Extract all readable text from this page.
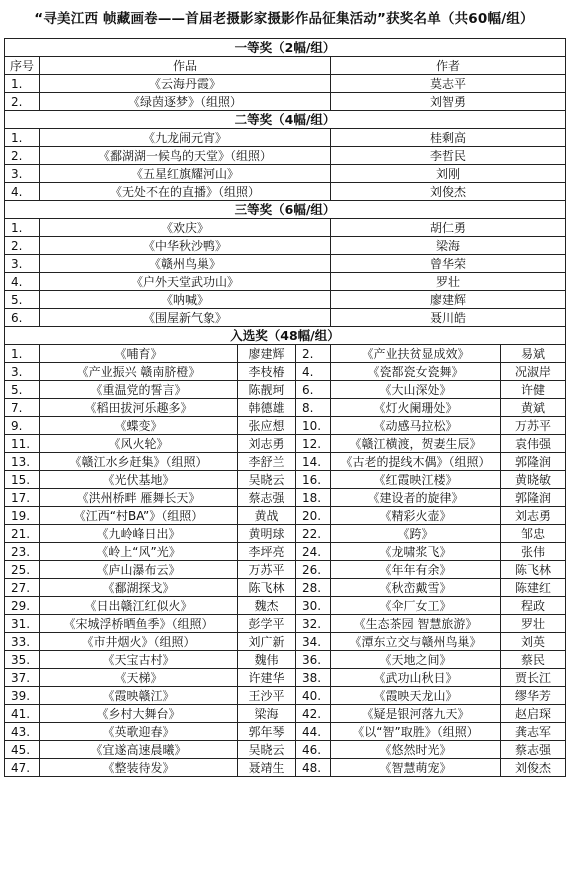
“寻美江西 帧藏画卷——首届老摄影家摄影作品征集活动”获奖名单（共60幅/组）
一等奖（2幅/组）					
序号	作品			作者	
1.	《云海丹霞》			莫志平	
2.	《绿茵逐梦》（组照）			刘智勇	
二等奖（4幅/组）					
1.	《九龙闹元宵》			桂剩高	
2.	《鄱湖湖一候鸟的天堂》（组照）			李哲民	
3.	《五星红旗耀河山》			刘刚	
4.	《无处不在的直播》（组照）			刘俊杰	
三等奖（6幅/组）					
1.	《欢庆》			胡仁勇	
2.	《中华秋沙鸭》			梁海	
3.	《赣州鸟巢》			曾华荣	
4.	《户外天堂武功山》			罗壮	
5.	《呐喊》			廖建辉	
6.	《围屋新气象》			聂川皓	
入选奖（48幅/组）					
1.	《哺育》	廖建辉	2.	《产业扶贫显成效》	易斌
3.	《产业振兴 赣南脐橙》	李枝椿	4.	《瓷都瓷女瓷舞》	况淑岸
5.	《重温党的誓言》	陈靓珂	6.	《大山深处》	许健
7.	《稻田拔河乐趣多》	韩德雄	8.	《灯火阑珊处》	黄斌
9.	《蝶变》	张应想	10.	《动感马拉松》	万苏平
11.	《风火轮》	刘志勇	12.	《赣江横渡，贺妻生辰》	袁伟强
13.	《赣江水乡赶集》（组照）	李舒兰	14.	《古老的提线木偶》（组照）	郭隆润
15.	《光伏基地》	吴晓云	16.	《红霞映江楼》	黄晓敏
17.	《洪州桥畔 雁舞长天》	蔡志强	18.	《建设者的旋律》	郭隆润
19.	《江西“村BA”》（组照）	黄战	20.	《精彩火壶》	刘志勇
21.	《九岭峰日出》	黄明球	22.	《跨》	邹忠
23.	《岭上“风”光》	李坪亮	24.	《龙啸浆飞》	张伟
25.	《庐山瀑布云》	万苏平	26.	《年年有余》	陈飞林
27.	《鄱湖探戈》	陈飞林	28.	《秋峦戴雪》	陈建红
29.	《日出赣江红似火》	魏杰	30.	《伞厂女工》	程政
31.	《宋城浮桥晒鱼季》（组照）	彭学平	32.	《生态茶园 智慧旅游》	罗壮
33.	《市井烟火》（组照）	刘广新	34.	《潭东立交与赣州鸟巢》	刘英
35.	《天宝古村》	魏伟	36.	《天地之间》	蔡民
37.	《天梯》	许建华	38.	《武功山秋日》	贾长江
39.	《霞映赣江》	王沙平	40.	《霞映天龙山》	缪华芳
41.	《乡村大舞台》	梁海	42.	《疑是银河落九天》	赵启琛
43.	《英歌迎春》	郭年琴	44.	《以“智”取胜》（组照）	龚志军
45.	《宜遂高速晨曦》	吴晓云	46.	《悠然时光》	蔡志强
47.	《整装待发》	聂靖生	48.	《智慧萌宠》	刘俊杰
